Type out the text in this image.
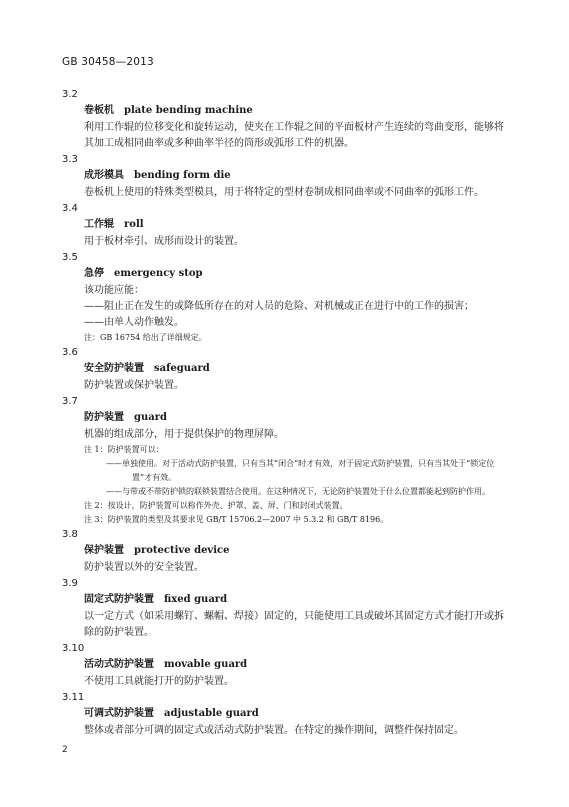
GB 30458—2013
3.2
卷板机 plate bending machine
利用工作辊的位移变化和旋转运动，使夹在工作辊之间的平面板材产生连续的弯曲变形，能够将其加工成相同曲率或多种曲率半径的筒形或弧形工件的机器。
3.3
成形模具 bending form die
卷板机上使用的特殊类型模具，用于将特定的型材卷制成相同曲率或不同曲率的弧形工件。
3.4
工作辊 roll
用于板材牵引、成形而设计的装置。
3.5
急停 emergency stop
该功能应能：
——阻止正在发生的或降低所存在的对人员的危险、对机械或正在进行中的工作的损害；
——由单人动作触发。
注：GB 16754 给出了详细规定。
3.6
安全防护装置 safeguard
防护装置或保护装置。
3.7
防护装置 guard
机器的组成部分，用于提供保护的物理屏障。
注 1：防护装置可以：
——单独使用。对于活动式防护装置，只有当其“闭合”时才有效，对于固定式防护装置，只有当其处于“锁定位置”才有效。
——与带或不带防护锁的联锁装置结合使用。在这种情况下，无论防护装置处于什么位置都能起到防护作用。
注 2：按设计，防护装置可以称作外壳、护罩、盖、屏、门和封闭式装置。
注 3：防护装置的类型及其要求见 GB/T 15706.2—2007 中 5.3.2 和 GB/T 8196。
3.8
保护装置 protective device
防护装置以外的安全装置。
3.9
固定式防护装置 fixed guard
以一定方式（如采用螺钉、螺帽、焊接）固定的，只能使用工具或破坏其固定方式才能打开或拆除的防护装置。
3.10
活动式防护装置 movable guard
不使用工具就能打开的防护装置。
3.11
可调式防护装置 adjustable guard
整体或者部分可调的固定式或活动式防护装置。在特定的操作期间，调整件保持固定。
2
